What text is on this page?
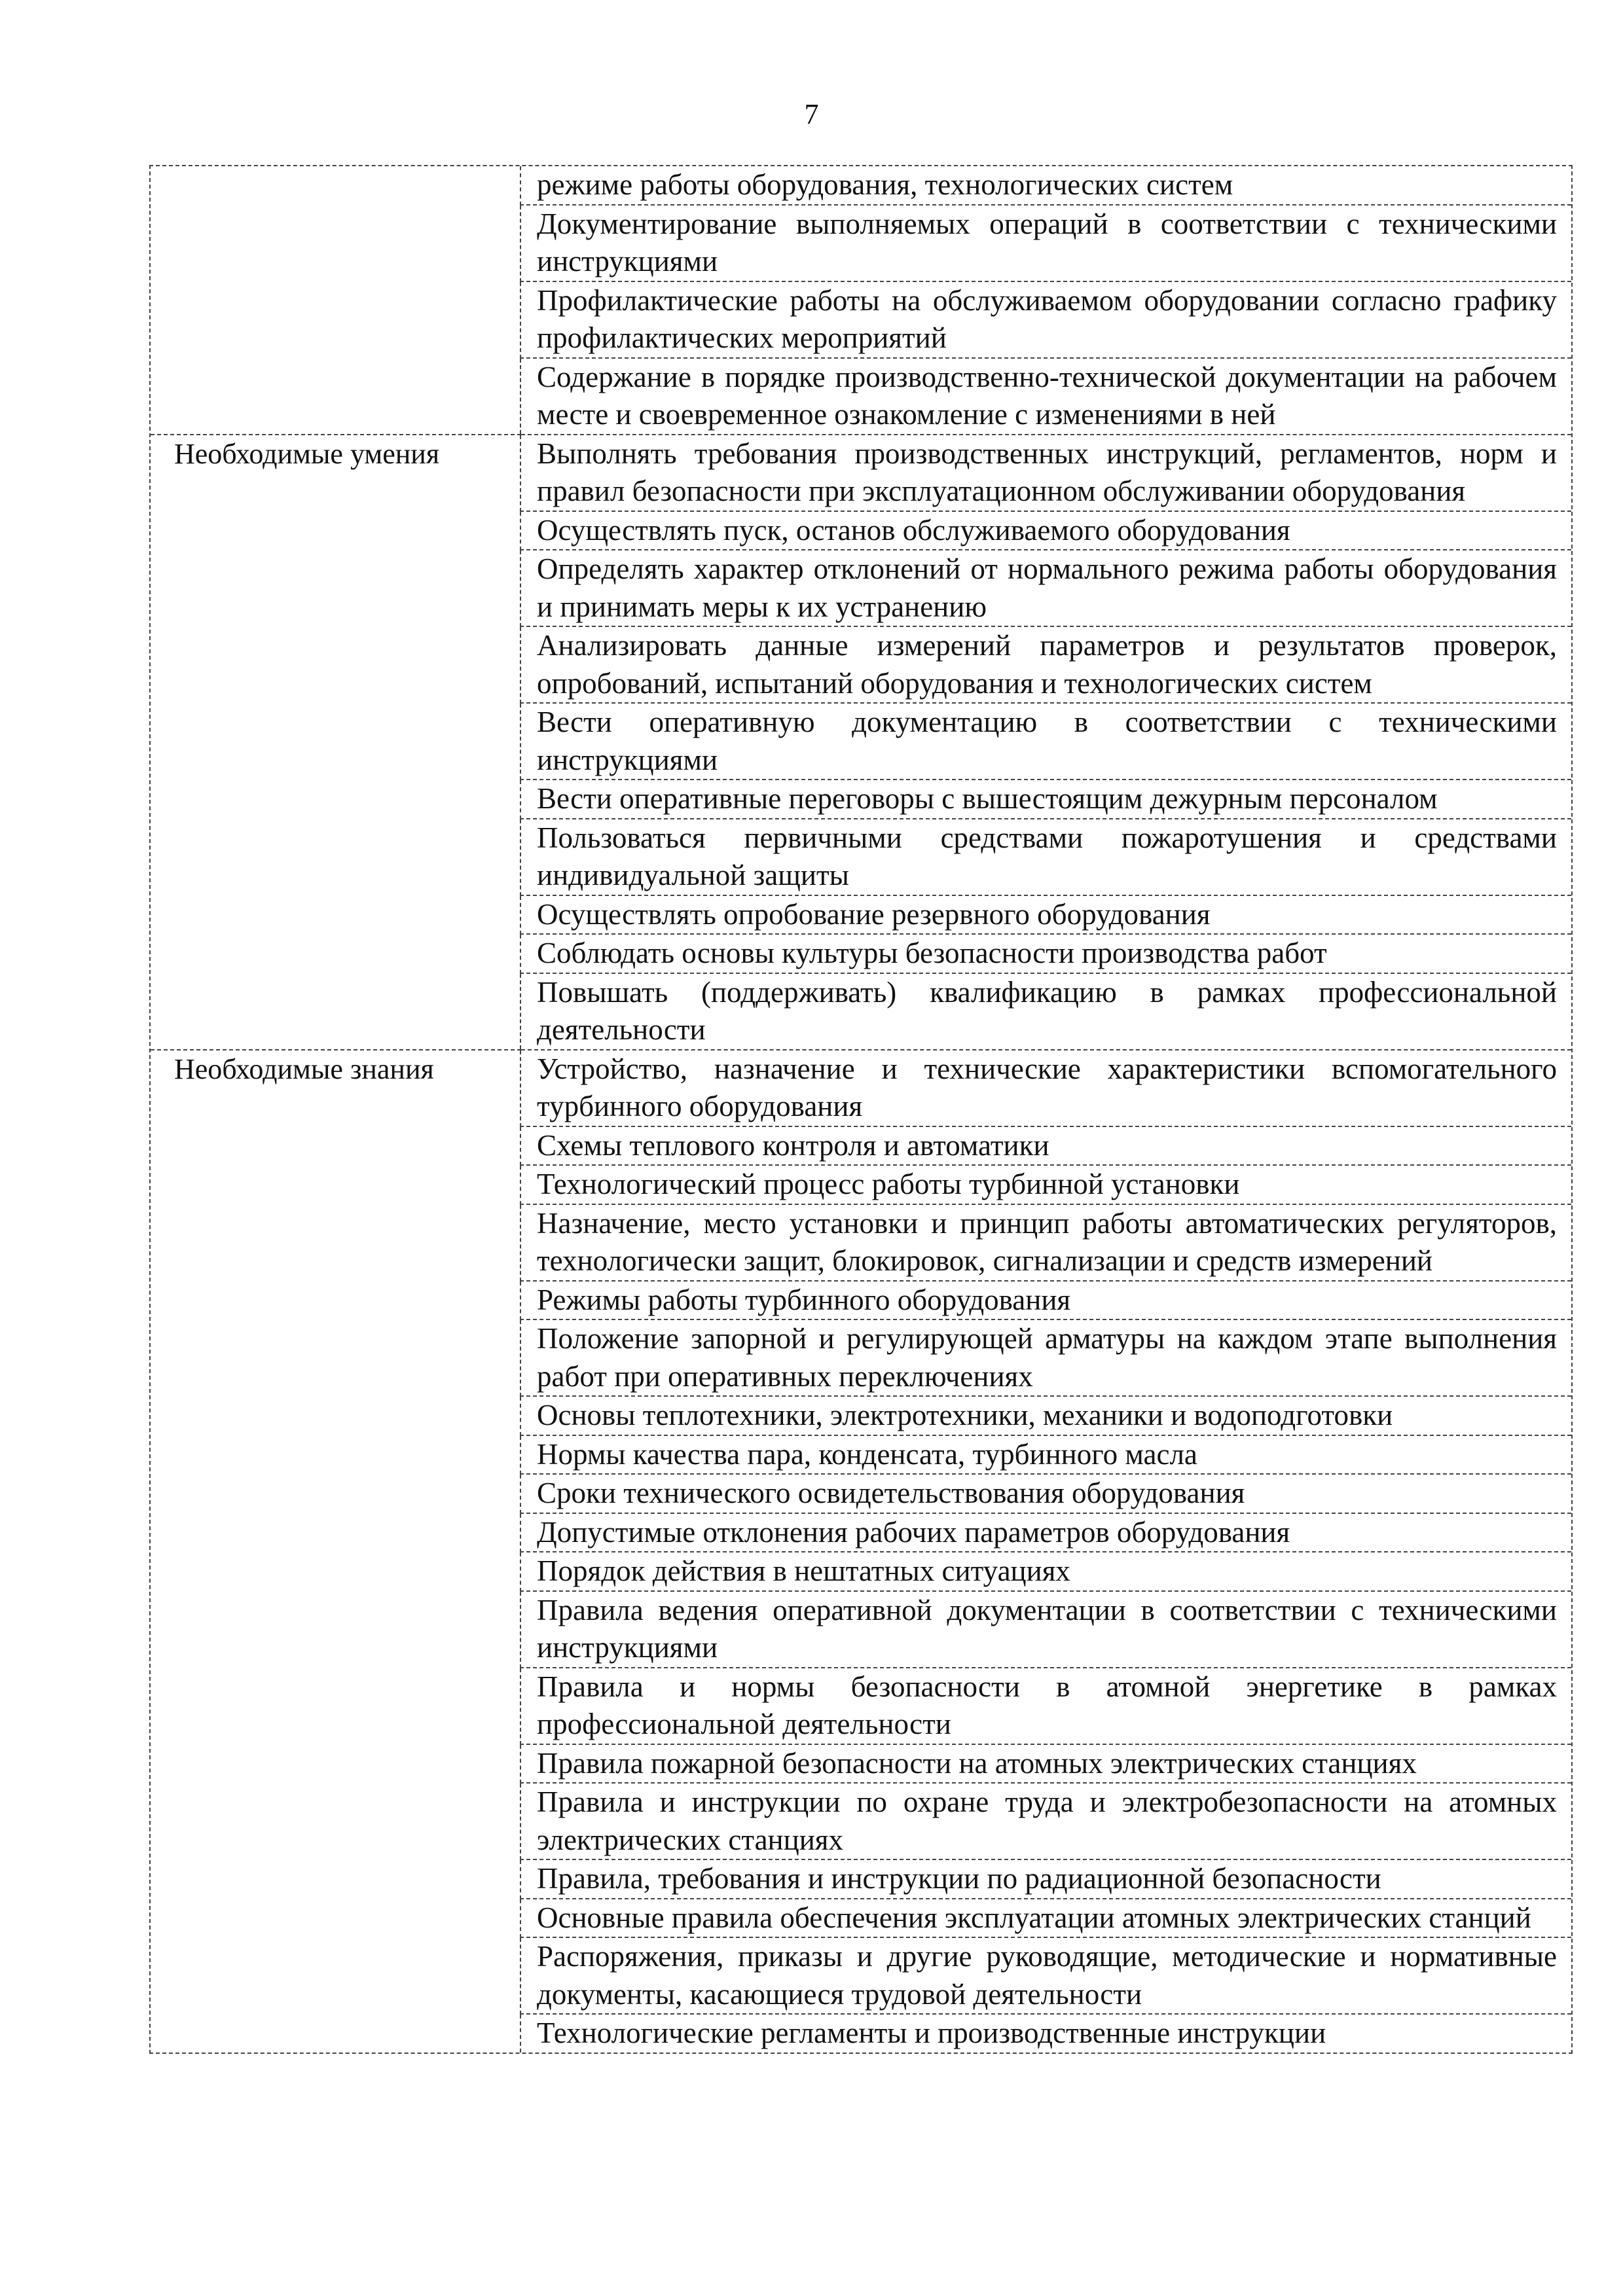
7
	режиме работы оборудования, технологических систем
	Документирование выполняемых операций в соответствии с техническими инструкциями
	Профилактические работы на обслуживаемом оборудовании согласно графику профилактических мероприятий
	Содержание в порядке производственно-технической документации на рабочем месте и своевременное ознакомление с изменениями в ней

Необходимые умения	Выполнять требования производственных инструкций, регламентов, норм и правил безопасности при эксплуатационном обслуживании оборудования
	Осуществлять пуск, останов обслуживаемого оборудования
	Определять характер отклонений от нормального режима работы оборудования и принимать меры к их устранению
	Анализировать данные измерений параметров и результатов проверок, опробований, испытаний оборудования и технологических систем
	Вести оперативную документацию в соответствии с техническими инструкциями
	Вести оперативные переговоры с вышестоящим дежурным персоналом
	Пользоваться первичными средствами пожаротушения и средствами индивидуальной защиты
	Осуществлять опробование резервного оборудования
	Соблюдать основы культуры безопасности производства работ
	Повышать (поддерживать) квалификацию в рамках профессиональной деятельности

Необходимые знания	Устройство, назначение и технические характеристики вспомогательного турбинного оборудования
	Схемы теплового контроля и автоматики
	Технологический процесс работы турбинной установки
	Назначение, место установки и принцип работы автоматических регуляторов, технологически защит, блокировок, сигнализации и средств измерений
	Режимы работы турбинного оборудования
	Положение запорной и регулирующей арматуры на каждом этапе выполнения работ при оперативных переключениях
	Основы теплотехники, электротехники, механики и водоподготовки
	Нормы качества пара, конденсата, турбинного масла
	Сроки технического освидетельствования оборудования
	Допустимые отклонения рабочих параметров оборудования
	Порядок действия в нештатных ситуациях
	Правила ведения оперативной документации в соответствии с техническими инструкциями
	Правила и нормы безопасности в атомной энергетике в рамках профессиональной деятельности
	Правила пожарной безопасности на атомных электрических станциях
	Правила и инструкции по охране труда и электробезопасности на атомных электрических станциях
	Правила, требования и инструкции по радиационной безопасности
	Основные правила обеспечения эксплуатации атомных электрических станций
	Распоряжения, приказы и другие руководящие, методические и нормативные документы, касающиеся трудовой деятельности
	Технологические регламенты и производственные инструкции
